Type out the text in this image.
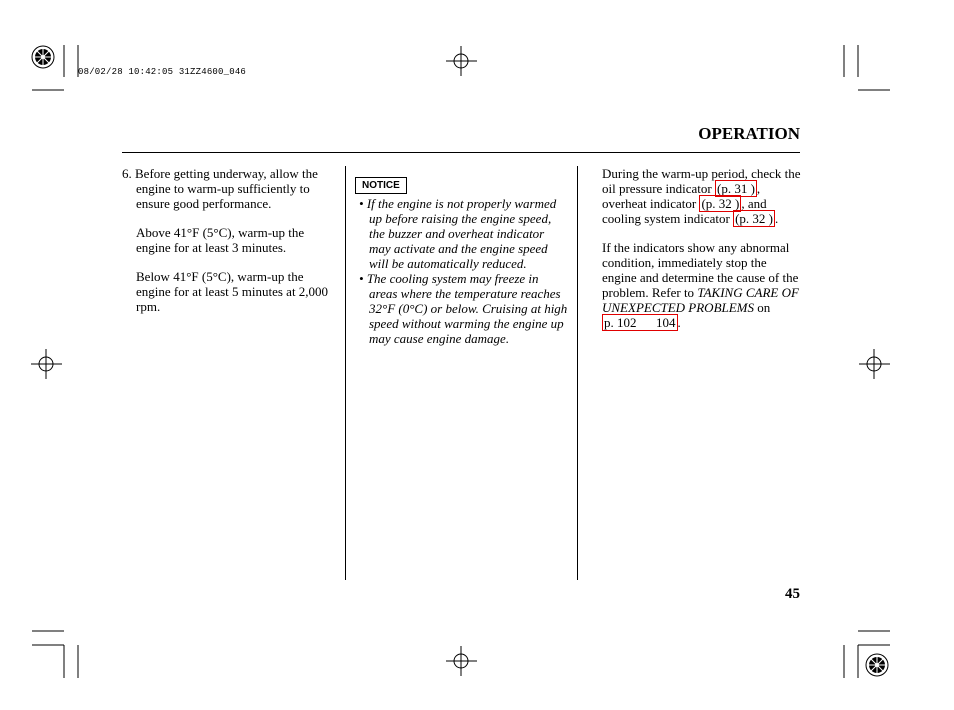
08/02/28 10:42:05 31ZZ4600_046
OPERATION

6. Before getting underway, allow the engine to warm-up sufficiently to ensure good performance.

Above 41°F (5°C), warm-up the engine for at least 3 minutes.

Below 41°F (5°C), warm-up the engine for at least 5 minutes at 2,000 rpm.

NOTICE

• If the engine is not properly warmed up before raising the engine speed, the buzzer and overheat indicator may activate and the engine speed will be automatically reduced.

• The cooling system may freeze in areas where the temperature reaches 32°F (0°C) or below. Cruising at high speed without warming the engine up may cause engine damage.

During the warm-up period, check the oil pressure indicator (p. 31 ) , overheat indicator (p. 32 ) , and cooling system indicator (p. 32 ) .

If the indicators show any abnormal condition, immediately stop the engine and determine the cause of the problem. Refer to TAKING CARE OF UNEXPECTED PROBLEMS on p. 102      104 .

45
